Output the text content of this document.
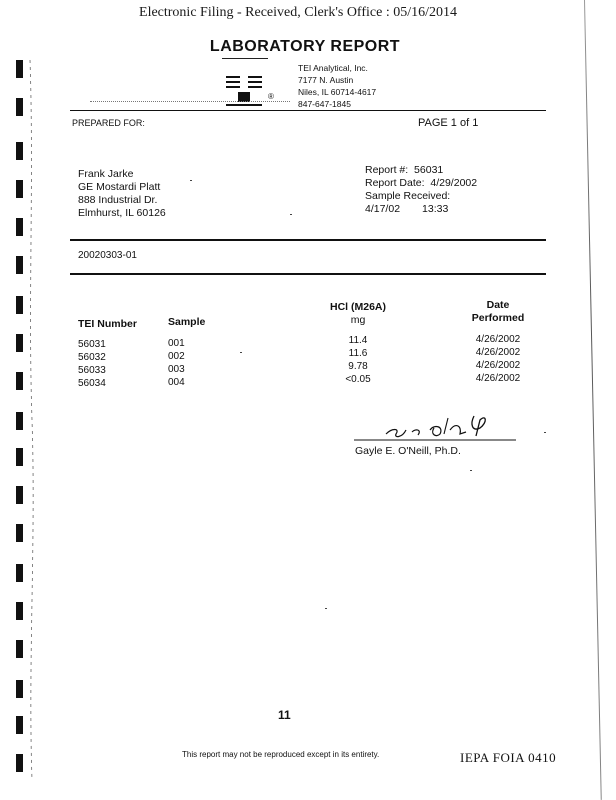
Electronic Filing - Received, Clerk's Office : 05/16/2014
LABORATORY REPORT
®
TEI Analytical, Inc.
7177 N. Austin
Niles, IL 60714-4617
847-647-1845
PREPARED FOR:	PAGE 1 of 1
Frank Jarke
GE Mostardi Platt
888 Industrial Dr.
Elmhurst, IL 60126
Report #: 56031
Report Date: 4/29/2002
Sample Received:
4/17/02 13:33
20020303-01
TEI Number	Sample
HCl (M26A)
mg
Date
Performed
56031	001	11.4	4/26/2002
56032	002	11.6	4/26/2002
56033	003	9.78	4/26/2002
56034	004	<0.05	4/26/2002
Gayle E. O'Neill, Ph.D.
11
This report may not be reproduced except in its entirety.	IEPA FOIA 0410
